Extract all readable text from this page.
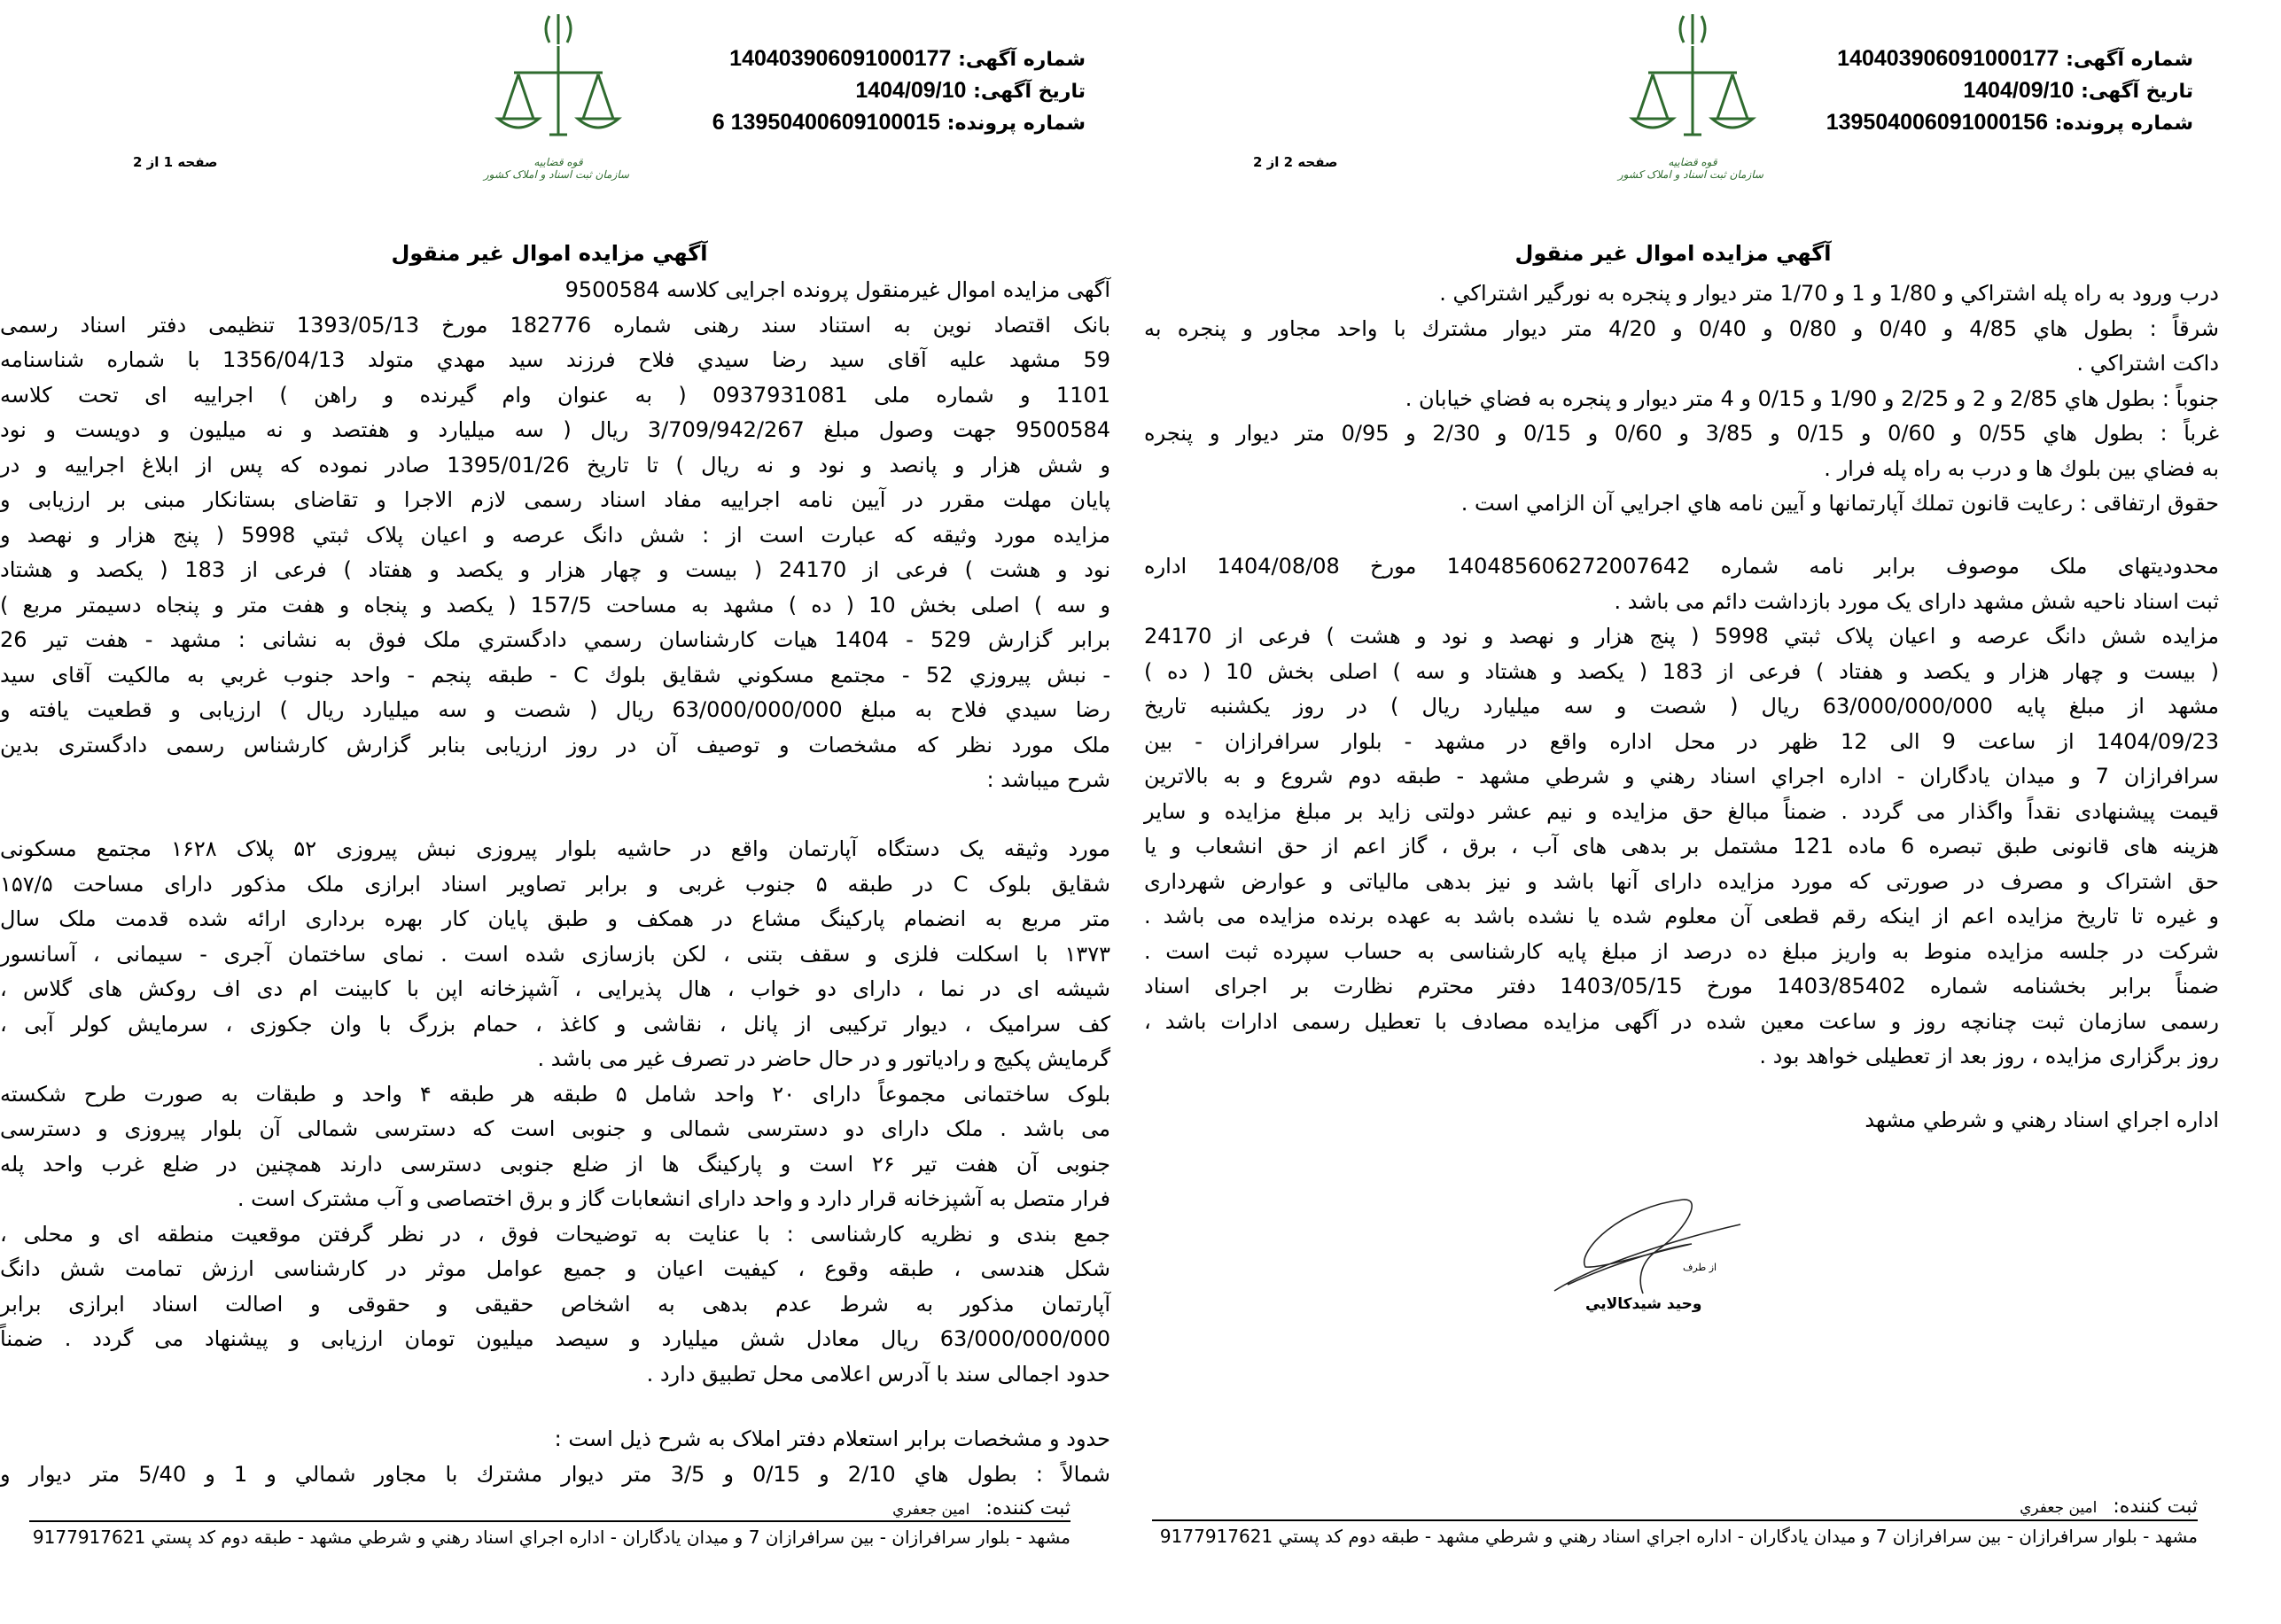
قوه قضاییه
سازمان ثبت اسناد و املاک کشور
شماره آگهی: 140403906091000177
تاریخ آگهی: 1404/09/10
شماره پرونده: 13950400609100015 6
صفحه 1 از 2
آگهي مزايده اموال غير منقول
آگهی مزایده اموال غیرمنقول پرونده اجرایی کلاسه 9500584
بانک اقتصاد نوین به استناد سند رهنی شماره 182776 مورخ 1393/05/13 تنظیمی دفتر اسناد رسمی
59 مشهد علیه آقای سید رضا سيدي فلاح فرزند سيد مهدي متولد 1356/04/13 با شماره شناسنامه
1101 و شماره ملی 0937931081 ( به عنوان وام گیرنده و راهن ) اجراییه ای تحت کلاسه
9500584 جهت وصول مبلغ 3/709/942/267 ریال ( سه میلیارد و هفتصد و نه میلیون و دویست و نود
و شش هزار و پانصد و نود و نه ریال ) تا تاریخ 1395/01/26 صادر نموده که پس از ابلاغ اجراییه و در
پایان مهلت مقرر در آیین نامه اجراییه مفاد اسناد رسمی لازم الاجرا و تقاضای بستانکار مبنی بر ارزیابی و
مزایده مورد وثیقه که عبارت است از : شش دانگ عرصه و اعیان پلاک ثبتي 5998 ( پنج هزار و نهصد و
نود و هشت ) فرعی از 24170 ( بیست و چهار هزار و یکصد و هفتاد ) فرعی از 183 ( یکصد و هشتاد
و سه ) اصلی بخش 10 ( ده ) مشهد به مساحت 157/5 ( یکصد و پنجاه و هفت متر و پنجاه دسیمتر مربع )
برابر گزارش 529 - 1404 هیات کارشناسان رسمي دادگستري ملک فوق به نشانی : مشهد - هفت تیر 26
- نبش پیروزي 52 - مجتمع مسکوني شقايق بلوك C - طبقه پنجم - واحد جنوب غربي به مالکیت آقای سید
رضا سيدي فلاح به مبلغ 63/000/000/000 ریال ( شصت و سه میلیارد ریال ) ارزیابی و قطعیت یافته و
ملک مورد نظر که مشخصات و توصیف آن در روز ارزیابی بنابر گزارش کارشناس رسمی دادگستری بدین
شرح میباشد :
مورد وثیقه یک دستگاه آپارتمان واقع در حاشیه بلوار پیروزی نبش پیروزی ۵۲ پلاک ۱۶۲۸ مجتمع مسکونی
شقایق بلوک C در طبقه ۵ جنوب غربی و برابر تصاویر اسناد ابرازی ملک مذکور دارای مساحت ۱۵۷/۵
متر مربع به انضمام پارکینگ مشاع در همکف و طبق پایان کار بهره برداری ارائه شده قدمت ملک سال
۱۳۷۳ با اسکلت فلزی و سقف بتنی ، لکن بازسازی شده است . نمای ساختمان آجری - سیمانی ، آسانسور
شیشه ای در نما ، دارای دو خواب ، هال پذیرایی ، آشپزخانه اپن با کابینت ام دی اف روکش های گلاس ،
کف سرامیک ، دیوار ترکیبی از پانل ، نقاشی و کاغذ ، حمام بزرگ با وان جکوزی ، سرمایش کولر آبی ،
گرمایش پکیج و رادیاتور و در حال حاضر در تصرف غیر می باشد .
بلوک ساختمانی مجموعاً دارای ۲۰ واحد شامل ۵ طبقه هر طبقه ۴ واحد و طبقات به صورت طرح شکسته
می باشد . ملک دارای دو دسترسی شمالی و جنوبی است که دسترسی شمالی آن بلوار پیروزی و دسترسی
جنوبی آن هفت تیر ۲۶ است و پارکینگ ها از ضلع جنوبی دسترسی دارند همچنین در ضلع غرب واحد پله
فرار متصل به آشپزخانه قرار دارد و واحد دارای انشعابات گاز و برق اختصاصی و آب مشترک است .
جمع بندی و نظریه کارشناسی : با عنایت به توضیحات فوق ، در نظر گرفتن موقعیت منطقه ای و محلی ،
شکل هندسی ، طبقه وقوع ، کیفیت اعیان و جمیع عوامل موثر در کارشناسی ارزش تمامت شش دانگ
آپارتمان مذکور به شرط عدم بدهی به اشخاص حقیقی و حقوقی و اصالت اسناد ابرازی برابر
63/000/000/000 ریال معادل شش میلیارد و سیصد میلیون تومان ارزیابی و پیشنهاد می گردد . ضمناً
حدود اجمالی سند با آدرس اعلامی محل تطبیق دارد .
حدود و مشخصات برابر استعلام دفتر املاک به شرح ذیل است :
شمالاً : بطول هاي 2/10 و 0/15 و 3/5 متر ديوار مشترك با مجاور شمالي و 1 و 5/40 متر ديوار و
ثبت کننده:امين جعفري
مشهد - بلوار سرافرازان - بين سرافرازان 7 و ميدان يادگاران - اداره اجراي اسناد رهني و شرطي مشهد - طبقه دوم كد پستي 9177917621
قوه قضاییه
سازمان ثبت اسناد و املاک کشور
شماره آگهی: 140403906091000177
تاریخ آگهی: 1404/09/10
شماره پرونده: 139504006091000156
صفحه 2 از 2
آگهي مزايده اموال غير منقول
درب ورود به راه پله اشتراكي و 1/80 و 1 و 1/70 متر ديوار و پنجره به نورگير اشتراكي .
شرقاً : بطول هاي 4/85 و 0/40 و 0/80 و 0/40 و 4/20 متر ديوار مشترك با واحد مجاور و پنجره به
داكت اشتراكي .
جنوباً : بطول هاي 2/85 و 2 و 2/25 و 1/90 و 0/15 و 4 متر ديوار و پنجره به فضاي خيابان .
غرباً : بطول هاي 0/55 و 0/60 و 0/15 و 3/85 و 0/60 و 0/15 و 2/30 و 0/95 متر ديوار و پنجره
به فضاي بين بلوك ها و درب به راه پله فرار .
حقوق ارتفاقی : رعايت قانون تملك آپارتمانها و آيين نامه هاي اجرايي آن الزامي است .
محدودیتهای ملک موصوف برابر نامه شماره 140485606272007642 مورخ 1404/08/08 اداره
ثبت اسناد ناحیه شش مشهد دارای یک مورد بازداشت دائم می باشد .
مزایده شش دانگ عرصه و اعیان پلاک ثبتي 5998 ( پنج هزار و نهصد و نود و هشت ) فرعی از 24170
( بیست و چهار هزار و یکصد و هفتاد ) فرعی از 183 ( یکصد و هشتاد و سه ) اصلی بخش 10 ( ده )
مشهد از مبلغ پایه 63/000/000/000 ریال ( شصت و سه میلیارد ریال ) در روز یکشنبه تاریخ
1404/09/23 از ساعت 9 الی 12 ظهر در محل اداره واقع در مشهد - بلوار سرافرازان - بین
سرافرازان 7 و میدان یادگاران - اداره اجراي اسناد رهني و شرطي مشهد - طبقه دوم شروع و به بالاترین
قیمت پیشنهادی نقداً واگذار می گردد . ضمناً مبالغ حق مزایده و نیم عشر دولتی زاید بر مبلغ مزایده و سایر
هزینه های قانونی طبق تبصره 6 ماده 121 مشتمل بر بدهی های آب ، برق ، گاز اعم از حق انشعاب و یا
حق اشتراک و مصرف در صورتی که مورد مزایده دارای آنها باشد و نیز بدهی مالیاتی و عوارض شهرداری
و غیره تا تاریخ مزایده اعم از اینکه رقم قطعی آن معلوم شده یا نشده باشد به عهده برنده مزایده می باشد .
شرکت در جلسه مزایده منوط به واریز مبلغ ده درصد از مبلغ پایه کارشناسی به حساب سپرده ثبت است .
ضمناً برابر بخشنامه شماره 1403/85402 مورخ 1403/05/15 دفتر محترم نظارت بر اجرای اسناد
رسمی سازمان ثبت چنانچه روز و ساعت معین شده در آگهی مزایده مصادف با تعطیل رسمی ادارات باشد ،
روز برگزاری مزایده ، روز بعد از تعطیلی خواهد بود .
اداره اجراي اسناد رهني و شرطي مشهد
از طرف
وحيد شيدكالايي
ثبت کننده:امين جعفري
مشهد - بلوار سرافرازان - بين سرافرازان 7 و ميدان يادگاران - اداره اجراي اسناد رهني و شرطي مشهد - طبقه دوم كد پستي 9177917621
